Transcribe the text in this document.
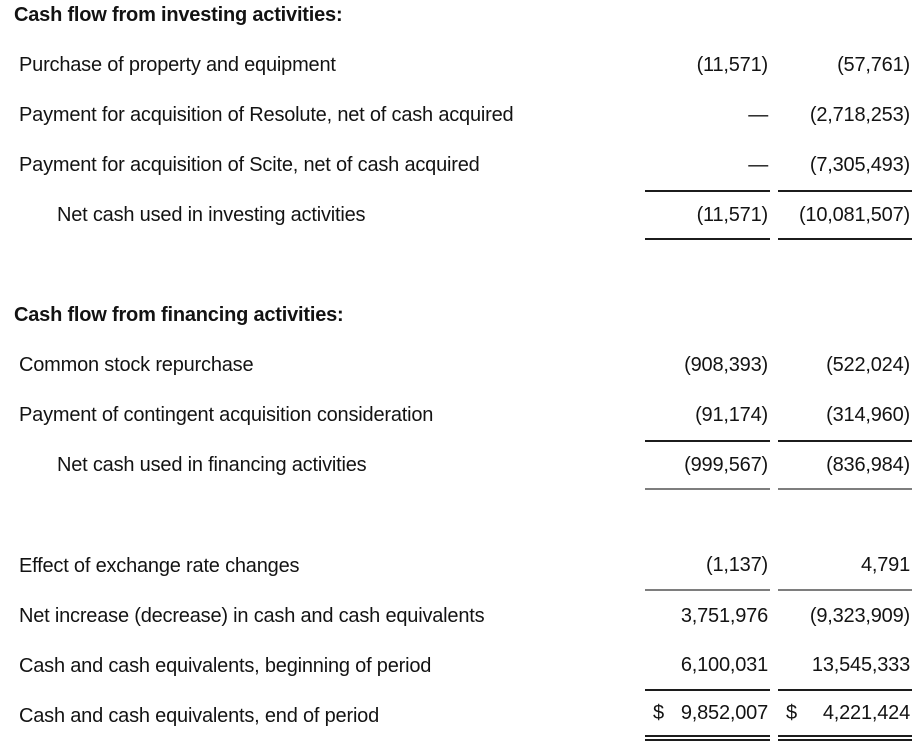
Cash flow from investing activities:
Purchase of property and equipment	(11,571)	(57,761)
Payment for acquisition of Resolute, net of cash acquired	—	(2,718,253)
Payment for acquisition of Scite, net of cash acquired	—	(7,305,493)
Net cash used in investing activities	(11,571)	(10,081,507)
Cash flow from financing activities:
Common stock repurchase	(908,393)	(522,024)
Payment of contingent acquisition consideration	(91,174)	(314,960)
Net cash used in financing activities	(999,567)	(836,984)
Effect of exchange rate changes	(1,137)	4,791
Net increase (decrease) in cash and cash equivalents	3,751,976	(9,323,909)
Cash and cash equivalents, beginning of period	6,100,031	13,545,333
Cash and cash equivalents, end of period	$ 9,852,007 $ 4,221,424
